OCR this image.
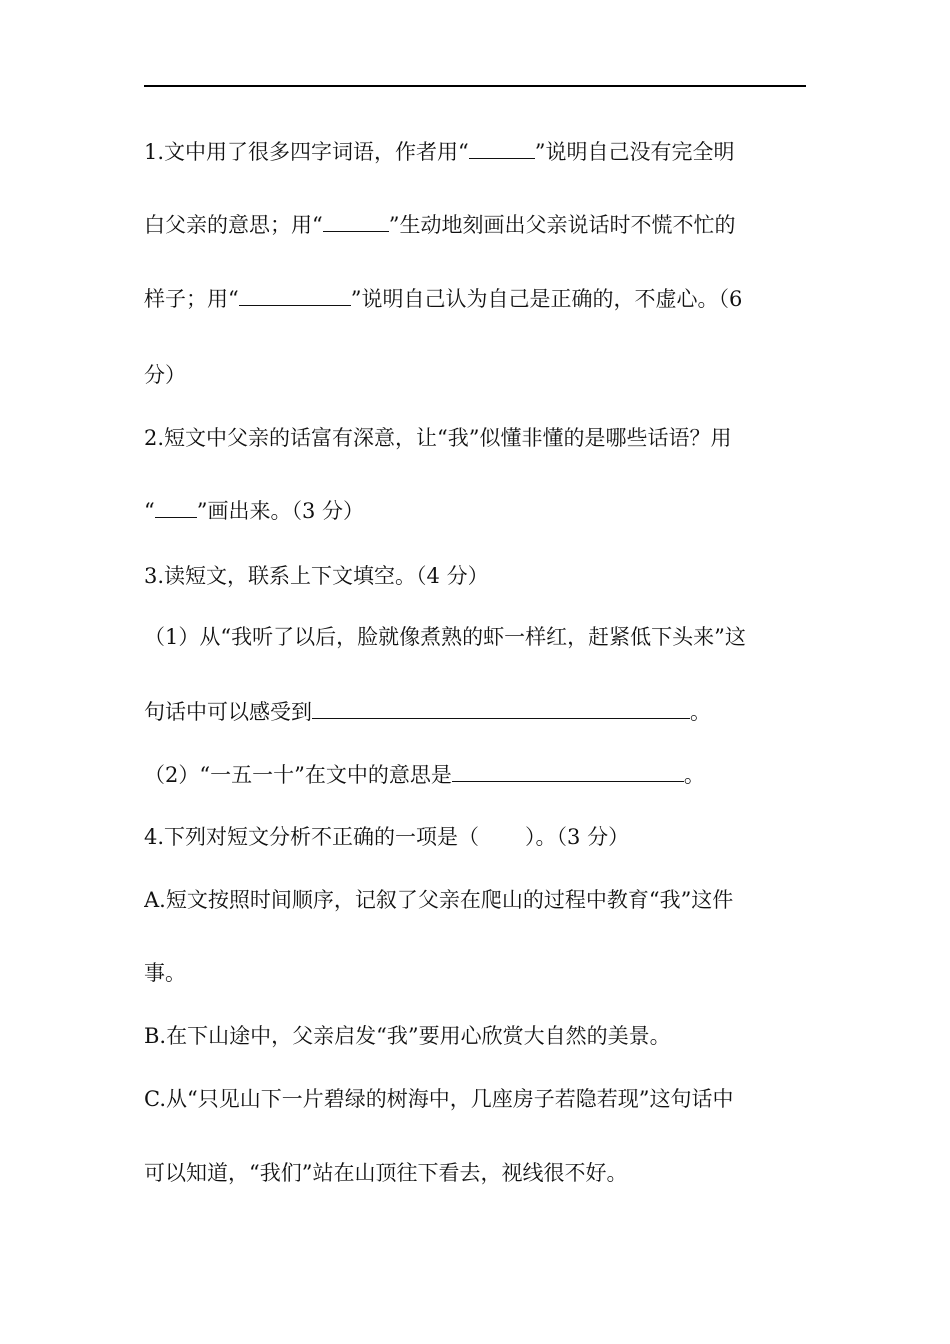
1.文中用了很多四字词语，作者用“	”说明自己没有完全明
白父亲的意思；用“	”生动地刻画出父亲说话时不慌不忙的
样子；用“	”说明自己认为自己是正确的，不虚心。（6
分）
2.短文中父亲的话富有深意，让“我”似懂非懂的是哪些话语？用
“ ”画出来。（3 分）
3.读短文，联系上下文填空。（4 分）
（1）从“我听了以后，脸就像煮熟的虾一样红，赶紧低下头来”这
句话中可以感受到	。
（2）“一五一十”在文中的意思是	。
4.下列对短文分析不正确的一项是（ ）。（3 分）
A.短文按照时间顺序，记叙了父亲在爬山的过程中教育“我”这件
事。
B.在下山途中，父亲启发“我”要用心欣赏大自然的美景。
C.从“只见山下一片碧绿的树海中，几座房子若隐若现”这句话中
可以知道，“我们”站在山顶往下看去，视线很不好。
